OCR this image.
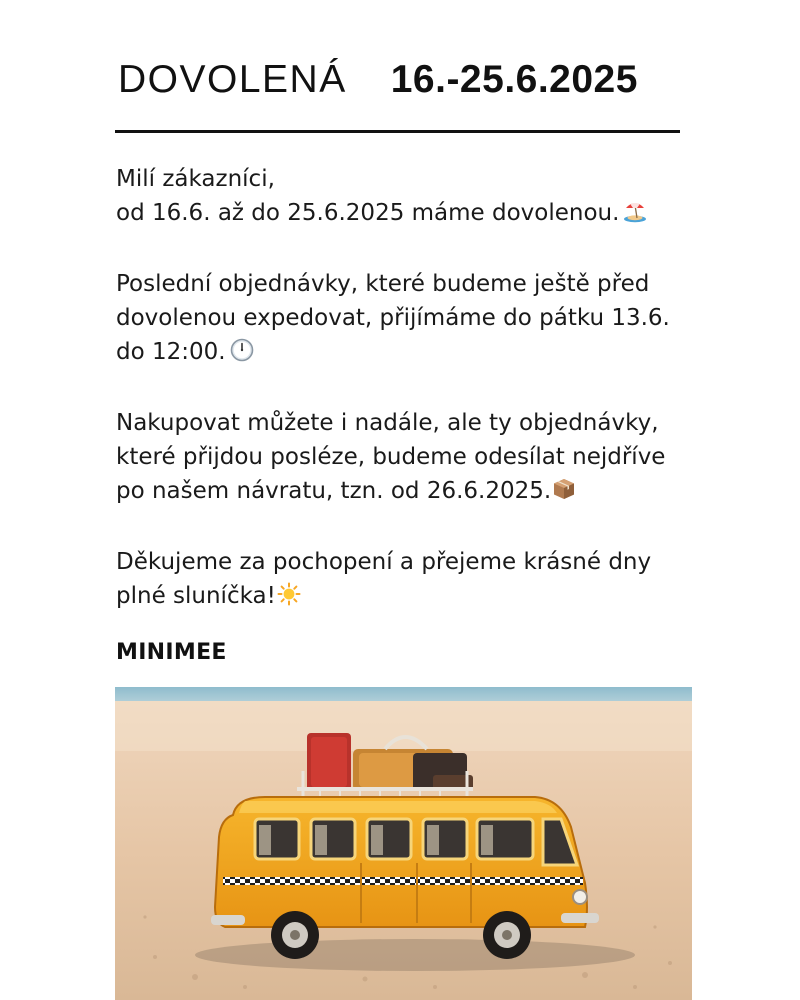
DOVOLENÁ 16.-25.6.2025

Milí zákazníci,
od 16.6. až do 25.6.2025 máme dovolenou.

Poslední objednávky, které budeme ještě před
dovolenou expedovat, přijímáme do pátku 13.6.
do 12:00.

Nakupovat můžete i nadále, ale ty objednávky,
které přijdou posléze, budeme odesílat nejdříve
po našem návratu, tzn. od 26.6.2025.

Děkujeme za pochopení a přejeme krásné dny
plné sluníčka!

MINIMEE
